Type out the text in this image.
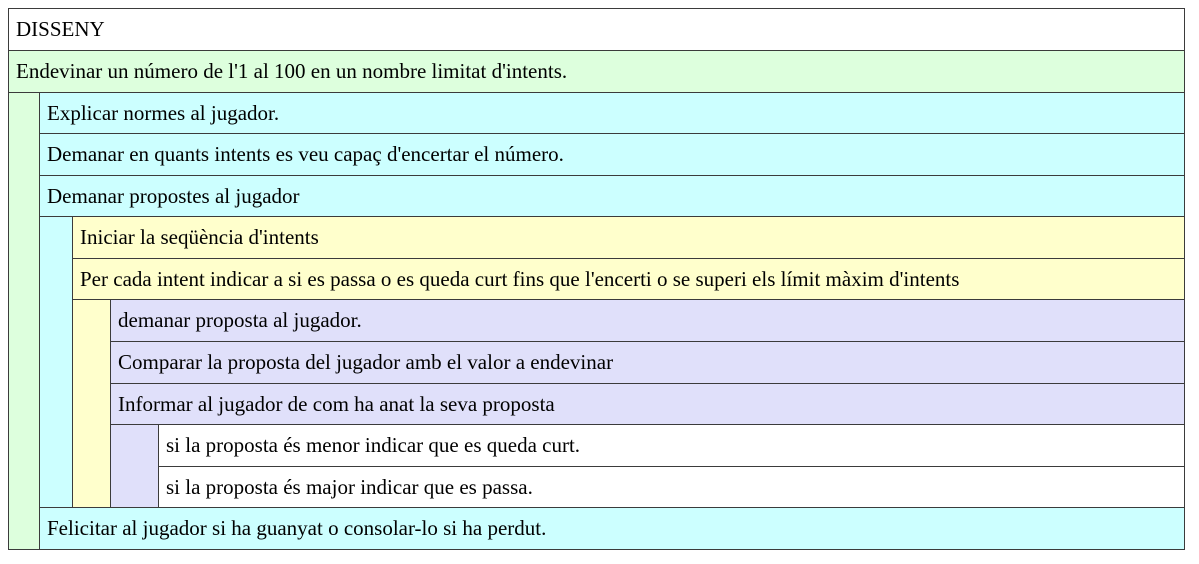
DISSENY
Endevinar un número de l'1 al 100 en un nombre limitat d'intents.
Explicar normes al jugador.
Demanar en quants intents es veu capaç d'encertar el número.
Demanar propostes al jugador
Iniciar la seqüència d'intents
Per cada intent indicar a si es passa o es queda curt fins que l'encerti o se superi els límit màxim d'intents
demanar proposta al jugador.
Comparar la proposta del jugador amb el valor a endevinar
Informar al jugador de com ha anat la seva proposta
si la proposta és menor indicar que es queda curt.
si la proposta és major indicar que es passa.
Felicitar al jugador si ha guanyat o consolar-lo si ha perdut.
